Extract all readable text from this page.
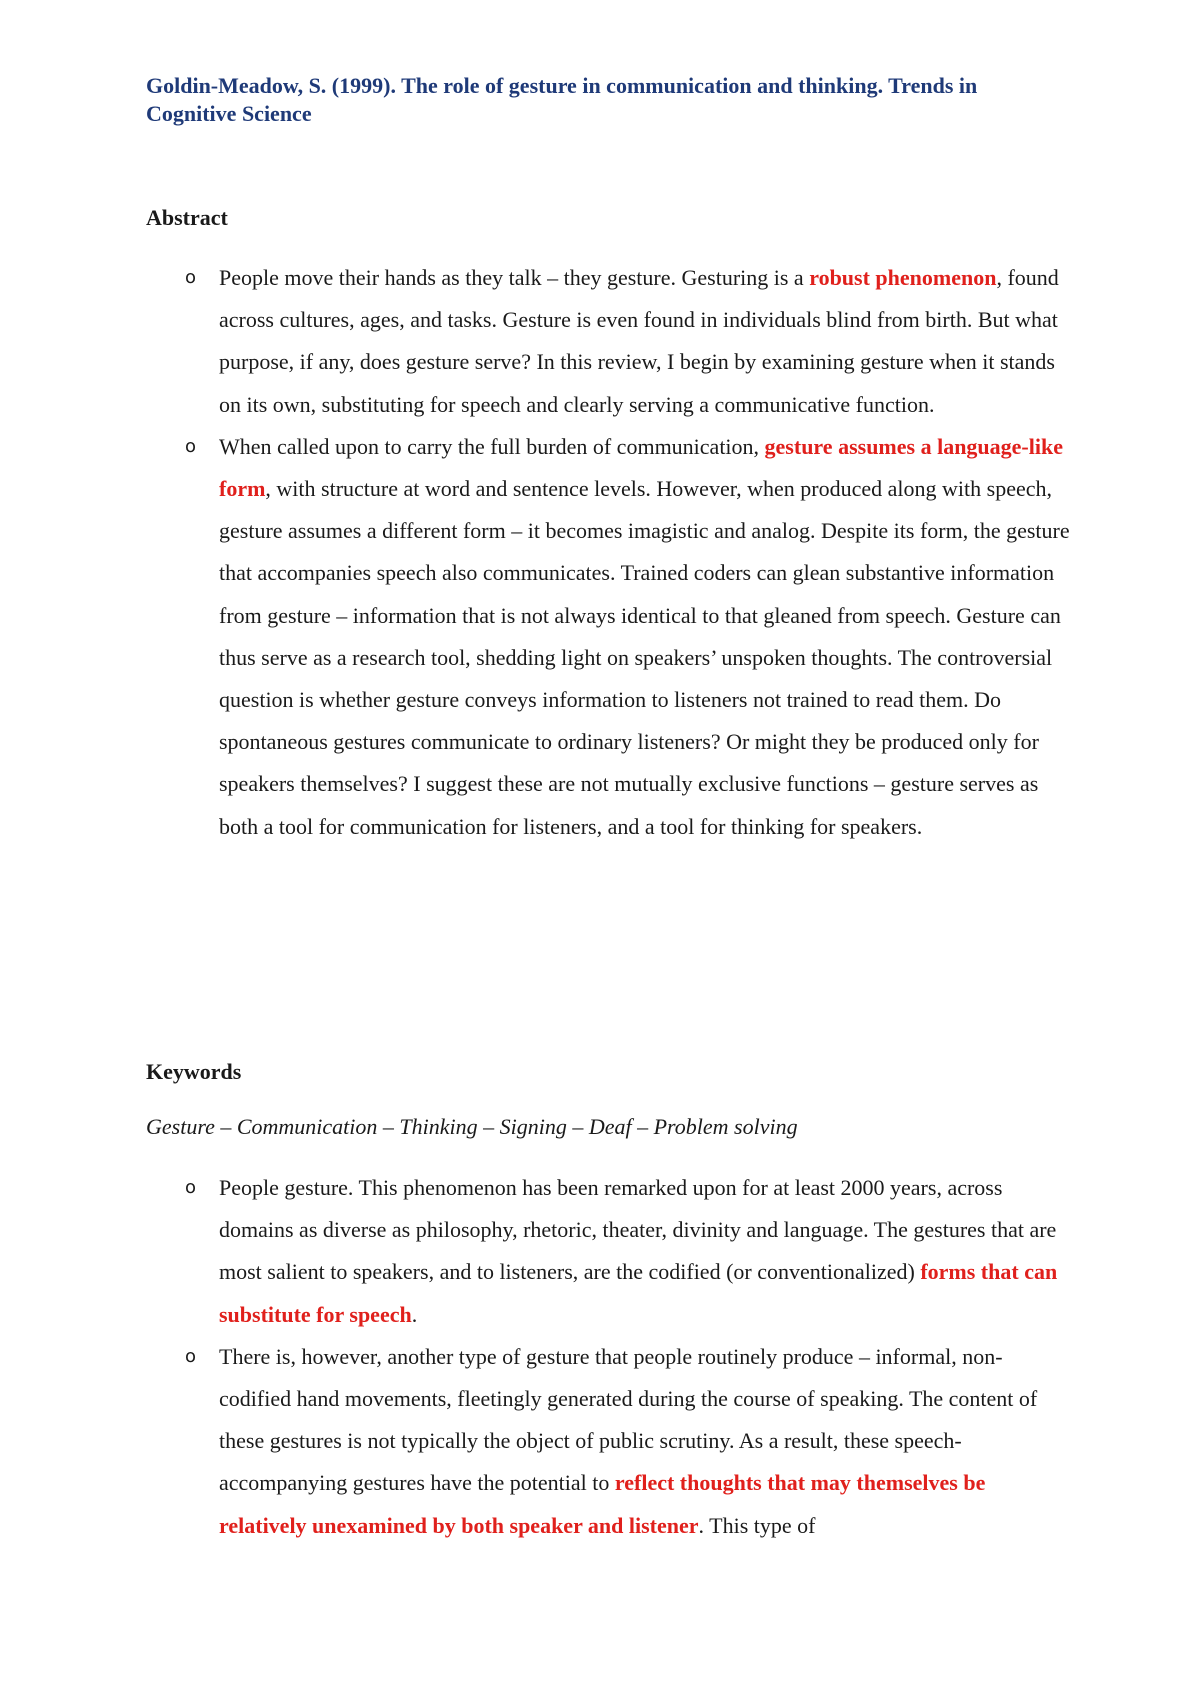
Goldin-Meadow, S. (1999). The role of gesture in communication and thinking. Trends in Cognitive Science
Abstract
o People move their hands as they talk – they gesture. Gesturing is a robust phenomenon, found across cultures, ages, and tasks. Gesture is even found in individuals blind from birth. But what purpose, if any, does gesture serve? In this review, I begin by examining gesture when it stands on its own, substituting for speech and clearly serving a communicative function.
o When called upon to carry the full burden of communication, gesture assumes a language-like form, with structure at word and sentence levels. However, when produced along with speech, gesture assumes a different form – it becomes imagistic and analog. Despite its form, the gesture that accompanies speech also communicates. Trained coders can glean substantive information from gesture – information that is not always identical to that gleaned from speech. Gesture can thus serve as a research tool, shedding light on speakers’ unspoken thoughts. The controversial question is whether gesture conveys information to listeners not trained to read them. Do spontaneous gestures communicate to ordinary listeners? Or might they be produced only for speakers themselves? I suggest these are not mutually exclusive functions – gesture serves as both a tool for communication for listeners, and a tool for thinking for speakers.
Keywords
Gesture – Communication – Thinking – Signing – Deaf – Problem solving
o People gesture. This phenomenon has been remarked upon for at least 2000 years, across domains as diverse as philosophy, rhetoric, theater, divinity and language. The gestures that are most salient to speakers, and to listeners, are the codified (or conventionalized) forms that can substitute for speech.
o There is, however, another type of gesture that people routinely produce – informal, non-codified hand movements, fleetingly generated during the course of speaking. The content of these gestures is not typically the object of public scrutiny. As a result, these speech-accompanying gestures have the potential to reflect thoughts that may themselves be relatively unexamined by both speaker and listener. This type of
